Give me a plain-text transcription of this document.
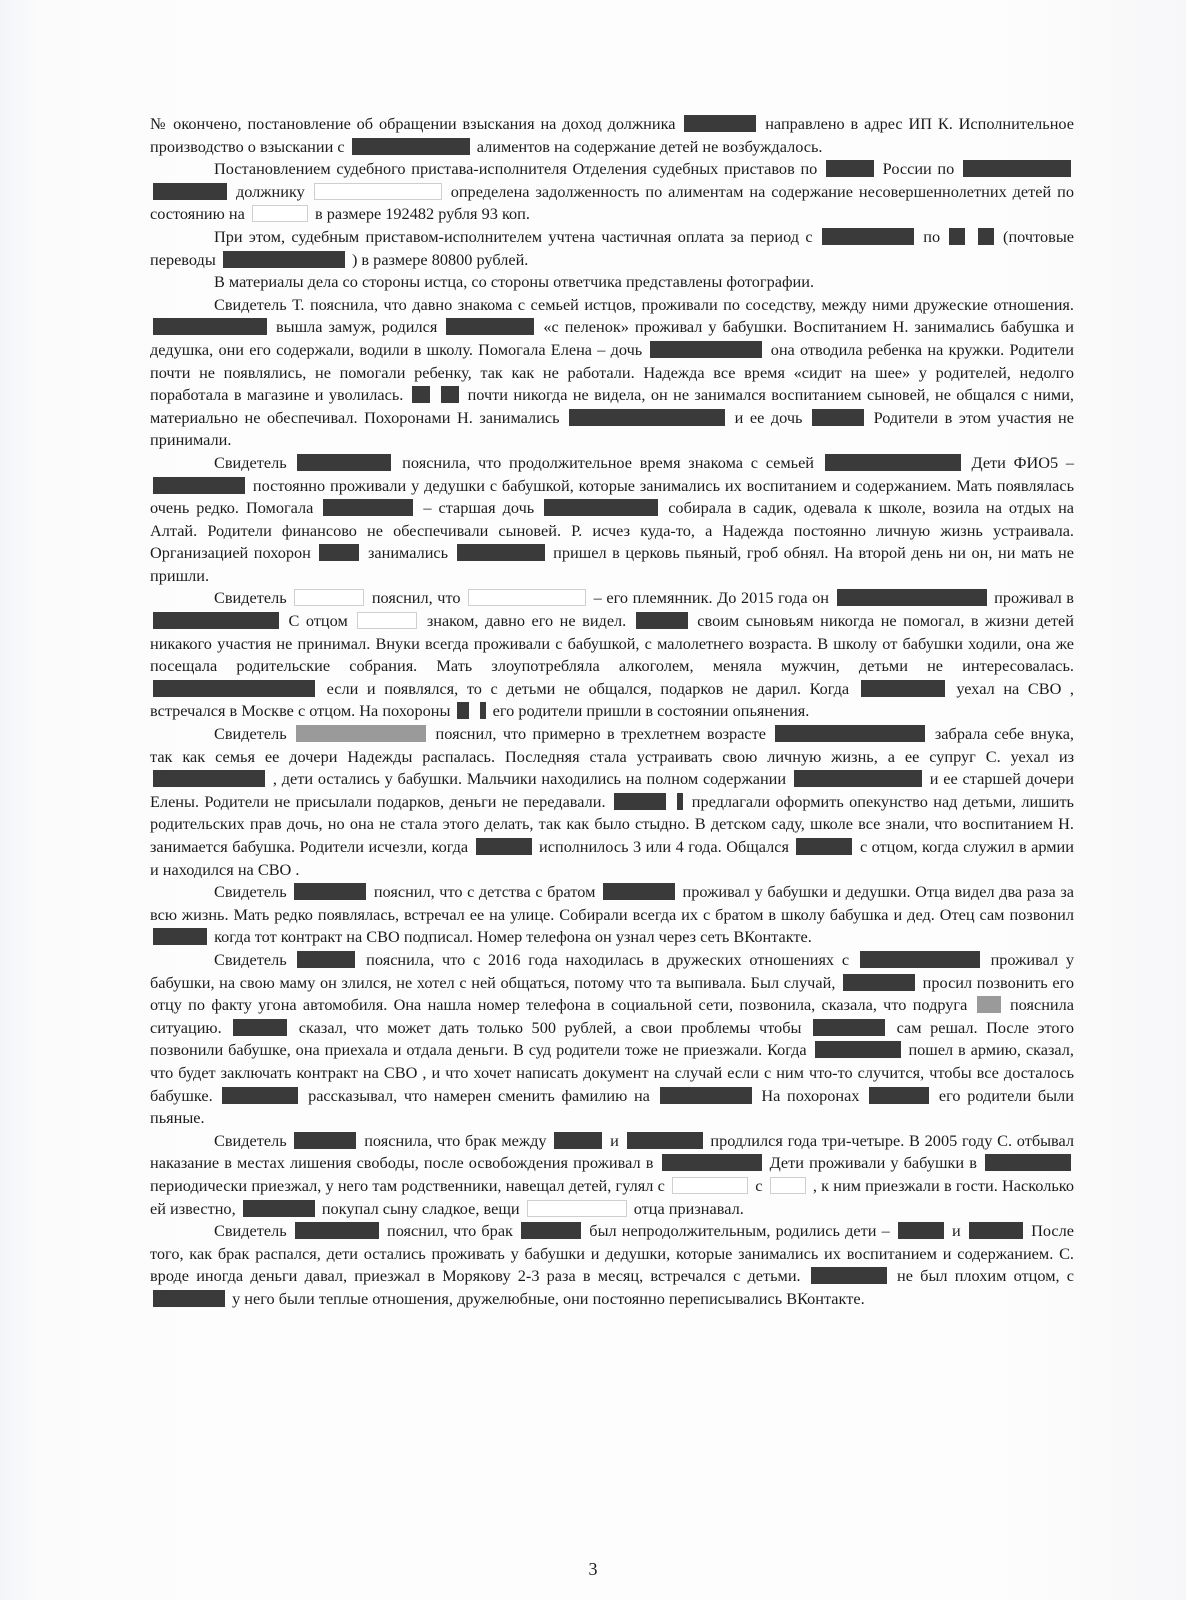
№ окончено, постановление об обращении взыскания на доход должника	направлено в адрес ИП К. Исполнительное производство о взыскании с	алиментов на содержание детей не возбуждалось.

Постановлением судебного пристава-исполнителя Отделения судебных приставов по	России по   должнику	определена задолженность по алиментам на содержание несовершеннолетних детей по состоянию на	в размере 192482 рубля 93 коп.

При этом, судебным приставом-исполнителем учтена частичная оплата за период с	по	(почтовые переводы	) в размере 80800 рублей.

В материалы дела со стороны истца, со стороны ответчика представлены фотографии.

Свидетель Т. пояснила, что давно знакома с семьей истцов, проживали по соседству, между ними дружеские отношения.  вышла замуж, родился	«с пеленок» проживал у бабушки. Воспитанием Н. занимались бабушка и дедушка, они его содержали, водили в школу. Помогала Елена – дочь	она отводила ребенка на кружки. Родители почти не появлялись, не помогали ребенку, так как не работали. Надежда все время «сидит на шее» у родителей, недолго поработала в магазине и уволилась.	почти никогда не видела, он не занимался воспитанием сыновей, не общался с ними, материально не обеспечивал. Похоронами Н. занимались	и ее дочь	Родители в этом участия не принимали.

Свидетель	пояснила, что продолжительное время знакома с семьей	Дети ФИО5 –  постоянно проживали у дедушки с бабушкой, которые занимались их воспитанием и содержанием. Мать появлялась очень редко. Помогала	– старшая дочь	собирала в садик, одевала к школе, возила на отдых на Алтай. Родители финансово не обеспечивали сыновей. Р. исчез куда-то, а Надежда постоянно личную жизнь устраивала. Организацией похорон	занимались	пришел в церковь пьяный, гроб обнял. На второй день ни он, ни мать не пришли.

Свидетель	пояснил, что	– его племянник. До 2015 года он	проживал в  С отцом	знаком, давно его не видел.	своим сыновьям никогда не помогал, в жизни детей никакого участия не принимал. Внуки всегда проживали с бабушкой, с малолетнего возраста. В школу от бабушки ходили, она же посещала родительские собрания. Мать злоупотребляла алкоголем, меняла мужчин, детьми не интересовалась.  если и появлялся, то с детьми не общался, подарков не дарил. Когда	уехал на СВО , встречался в Москве с отцом. На похороны	его родители пришли в состоянии опьянения.

Свидетель	пояснил, что примерно в трехлетнем возрасте	забрала себе внука, так как семья ее дочери Надежды распалась. Последняя стала устраивать свою личную жизнь, а ее супруг С. уехал из  , дети остались у бабушки. Мальчики находились на полном содержании	и ее старшей дочери Елены. Родители не присылали подарков, деньги не передавали.	предлагали оформить опекунство над детьми, лишить родительских прав дочь, но она не стала этого делать, так как было стыдно. В детском саду, школе все знали, что воспитанием Н. занимается бабушка. Родители исчезли, когда	исполнилось 3 или 4 года. Общался	с отцом, когда служил в армии и находился на СВО .

Свидетель	пояснил, что с детства с братом	проживал у бабушки и дедушки. Отца видел два раза за всю жизнь. Мать редко появлялась, встречал ее на улице. Собирали всегда их с братом в школу бабушка и дед. Отец сам позвонил  когда тот контракт на СВО подписал. Номер телефона он узнал через сеть ВКонтакте.

Свидетель	пояснила, что с 2016 года находилась в дружеских отношениях с	проживал у бабушки, на свою маму он злился, не хотел с ней общаться, потому что та выпивала. Был случай,	просил позвонить его отцу по факту угона автомобиля. Она нашла номер телефона в социальной сети, позвонила, сказала, что подруга	пояснила ситуацию.	сказал, что может дать только 500 рублей, а свои проблемы чтобы	сам решал. После этого позвонили бабушке, она приехала и отдала деньги. В суд родители тоже не приезжали. Когда	пошел в армию, сказал, что будет заключать контракт на СВО , и что хочет написать документ на случай если с ним что-то случится, чтобы все досталось бабушке.	рассказывал, что намерен сменить фамилию на	На похоронах	его родители были пьяные.

Свидетель	пояснила, что брак между	и	продлился года три-четыре. В 2005 году С. отбывал наказание в местах лишения свободы, после освобождения проживал в	Дети проживали у бабушки в  периодически приезжал, у него там родственники, навещал детей, гулял с	с	, к ним приезжали в гости. Насколько ей известно,	покупал сыну сладкое, вещи	отца признавал.

Свидетель	пояснил, что брак	был непродолжительным, родились дети –	и	После того, как брак распался, дети остались проживать у бабушки и дедушки, которые занимались их воспитанием и содержанием. С. вроде иногда деньги давал, приезжал в Морякову 2-3 раза в месяц, встречался с детьми.	не был плохим отцом, с  у него были теплые отношения, дружелюбные, они постоянно переписывались ВКонтакте.

3
